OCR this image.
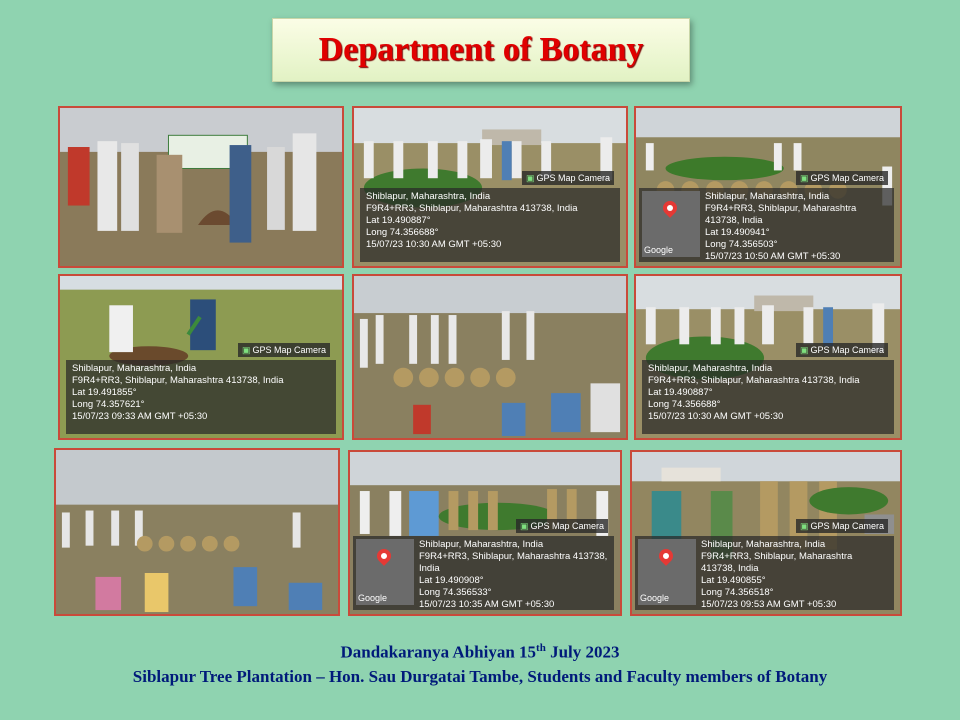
Department of Botany
▣ GPS Map Camera
Shiblapur, Maharashtra, India
F9R4+RR3, Shiblapur, Maharashtra 413738, India
Lat 19.490887°
Long 74.356688°
15/07/23 10:30 AM GMT +05:30
▣ GPS Map Camera
Google
Shiblapur, Maharashtra, India
F9R4+RR3, Shiblapur, Maharashtra 413738, India
Lat 19.490941°
Long 74.356503°
15/07/23 10:50 AM GMT +05:30
▣ GPS Map Camera
Shiblapur, Maharashtra, India
F9R4+RR3, Shiblapur, Maharashtra 413738, India
Lat 19.491855°
Long 74.357621°
15/07/23 09:33 AM GMT +05:30
▣ GPS Map Camera
Shiblapur, Maharashtra, India
F9R4+RR3, Shiblapur, Maharashtra 413738, India
Lat 19.490887°
Long 74.356688°
15/07/23 10:30 AM GMT +05:30
▣ GPS Map Camera
Google
Shiblapur, Maharashtra, India
F9R4+RR3, Shiblapur, Maharashtra 413738, India
Lat 19.490908°
Long 74.356533°
15/07/23 10:35 AM GMT +05:30
▣ GPS Map Camera
Google
Shiblapur, Maharashtra, India
F9R4+RR3, Shiblapur, Maharashtra 413738, India
Lat 19.490855°
Long 74.356518°
15/07/23 09:53 AM GMT +05:30
Dandakaranya Abhiyan 15th July 2023
Siblapur Tree Plantation – Hon. Sau Durgatai Tambe, Students and Faculty members of Botany
